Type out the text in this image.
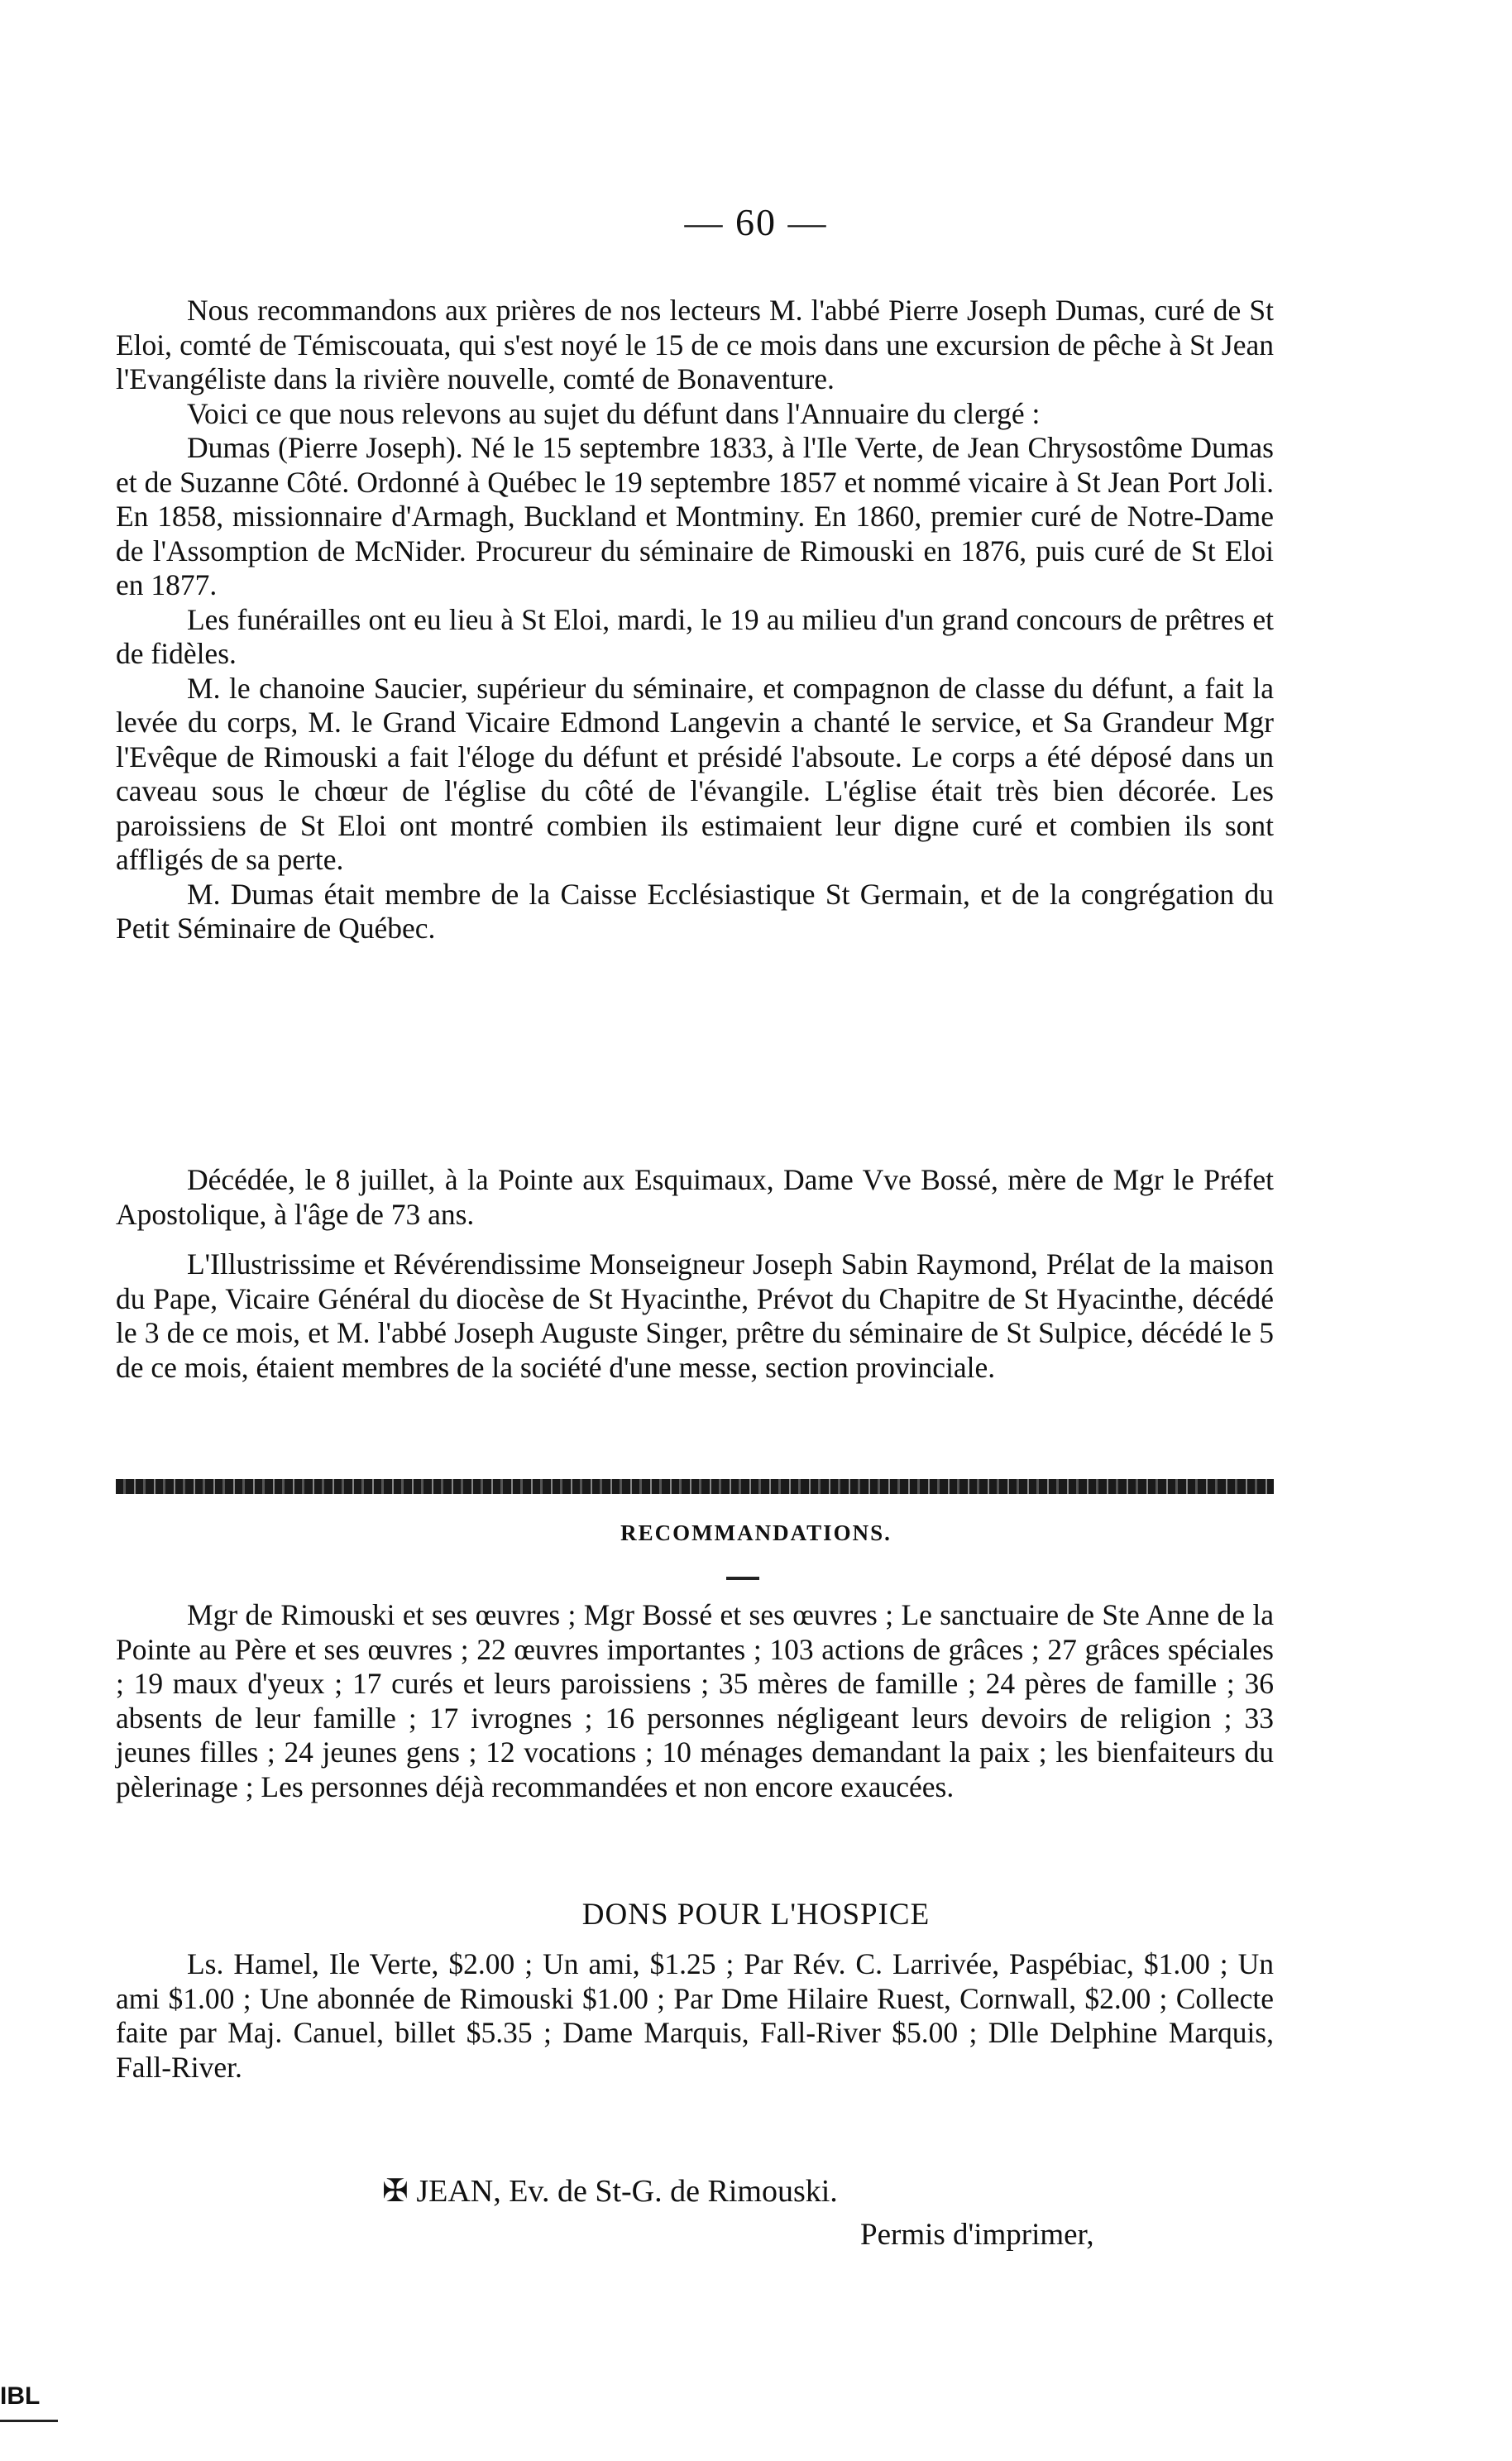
— 60 —

Nous recommandons aux prières de nos lecteurs M. l'abbé Pierre Joseph Dumas, curé de St Eloi, comté de Témiscouata, qui s'est noyé le 15 de ce mois dans une excursion de pêche à St Jean l'Evangéliste dans la rivière nouvelle, comté de Bonaventure.

Voici ce que nous relevons au sujet du défunt dans l'Annuaire du clergé :

Dumas (Pierre Joseph). Né le 15 septembre 1833, à l'Ile Verte, de Jean Chrysostôme Dumas et de Suzanne Côté. Ordonné à Québec le 19 septembre 1857 et nommé vicaire à St Jean Port Joli. En 1858, missionnaire d'Armagh, Buckland et Montminy. En 1860, premier curé de Notre-Dame de l'Assomption de McNider. Procureur du séminaire de Rimouski en 1876, puis curé de St Eloi en 1877.

Les funérailles ont eu lieu à St Eloi, mardi, le 19 au milieu d'un grand concours de prêtres et de fidèles.

M. le chanoine Saucier, supérieur du séminaire, et compagnon de classe du défunt, a fait la levée du corps, M. le Grand Vicaire Edmond Langevin a chanté le service, et Sa Grandeur Mgr l'Evêque de Rimouski a fait l'éloge du défunt et présidé l'absoute. Le corps a été déposé dans un caveau sous le chœur de l'église du côté de l'évangile. L'église était très bien décorée. Les paroissiens de St Eloi ont montré combien ils estimaient leur digne curé et combien ils sont affligés de sa perte.

M. Dumas était membre de la Caisse Ecclésiastique St Germain, et de la congrégation du Petit Séminaire de Québec.

Décédée, le 8 juillet, à la Pointe aux Esquimaux, Dame Vve Bossé, mère de Mgr le Préfet Apostolique, à l'âge de 73 ans.

L'Illustrissime et Révérendissime Monseigneur Joseph Sabin Raymond, Prélat de la maison du Pape, Vicaire Général du diocèse de St Hyacinthe, Prévot du Chapitre de St Hyacinthe, décédé le 3 de ce mois, et M. l'abbé Joseph Auguste Singer, prêtre du séminaire de St Sulpice, décédé le 5 de ce mois, étaient membres de la société d'une messe, section provinciale.

RECOMMANDATIONS.

Mgr de Rimouski et ses œuvres ; Mgr Bossé et ses œuvres ; Le sanctuaire de Ste Anne de la Pointe au Père et ses œuvres ; 22 œuvres importantes ; 103 actions de grâces ; 27 grâces spéciales ; 19 maux d'yeux ; 17 curés et leurs paroissiens ; 35 mères de famille ; 24 pères de famille ; 36 absents de leur famille ; 17 ivrognes ; 16 personnes négligeant leurs devoirs de religion ; 33 jeunes filles ; 24 jeunes gens ; 12 vocations ; 10 ménages demandant la paix ; les bienfaiteurs du pèlerinage ; Les personnes déjà recommandées et non encore exaucées.

DONS POUR L'HOSPICE

Ls. Hamel, Ile Verte, $2.00 ; Un ami, $1.25 ; Par Rév. C. Larrivée, Paspébiac, $1.00 ; Un ami $1.00 ; Une abonnée de Rimouski $1.00 ; Par Dme Hilaire Ruest, Cornwall, $2.00 ; Collecte faite par Maj. Canuel, billet $5.35 ; Dame Marquis, Fall-River $5.00 ; Dlle Delphine Marquis, Fall-River.

✠ JEAN, Ev. de St-G. de Rimouski.
Permis d'imprimer,
IBL
